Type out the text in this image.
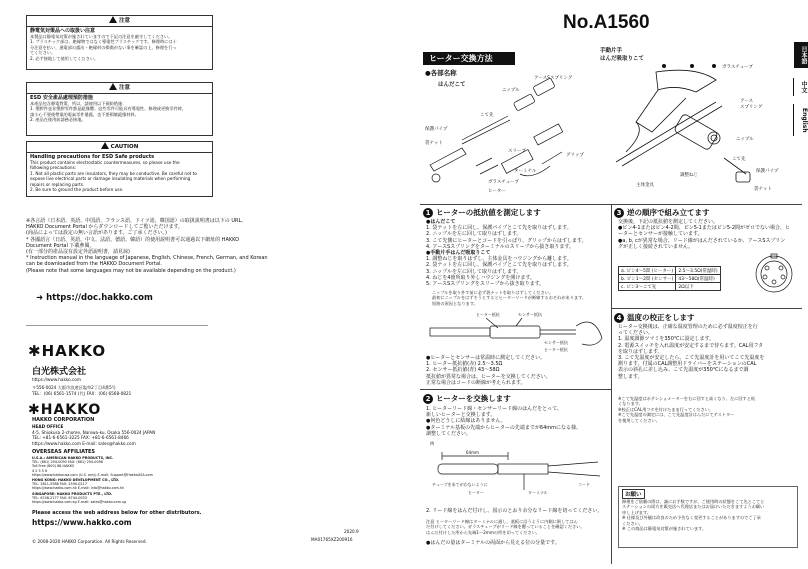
注意
静電気対策品への取扱い注意
本製品は静電気対策が施されていますので下記の注意を厳守してください。
1. プラスチック部は、絶縁物ではなく導電性プラスチックです。修理時には十
分注意を払い、通電部の露出・絶縁材の損傷がない事を確認の上、修理を行っ
てください。
2. 必ず接地して使用してください。
注意
ESD 安全產品處理預防措施
本產品包含靜電對策，所以，請使用以下預防措施：
1. 塑膠件並非塑膠零件都是絕緣體；這些零件可能具有導電性。修理或更換零件時，
請小心不要使帶電的電氣零件暴露，也不要損壞絕緣材料。
2. 產品在使用前請務必接地。
CAUTION
Handling precautions for ESD Safe products
This product contains electrostatic countermeasures, so please use the
following precautions:
1. Not all plastic parts are insulators, they may be conductive. Be careful not to
expose live electrical parts or damage insulating materials when performing
repairs or replacing parts.
2. Be sure to ground the product before use.
※各言語（日本語、英語、中国語、フランス語、ドイツ語、韓国語）の取扱説明書は以下の URL、
HAKKO Document Portal からダウンロードしてご覧いただけます。
(商品によっては設定の無い言語があります。ご了承ください。)
* 各國語言（日語、英語、中文、法語、德語、韓語）的使用説明書可以通過以下網址的 HAKKO
Document Portal 下載參閱。
(有一部分的產品沒有設定外語說明書，請見諒)
* Instruction manual in the language of Japanese, English, Chinese, French, German, and Korean
can be downloaded from the HAKKO Document Portal.
(Please note that some languages may not be available depending on the product.)
➜ https://doc.hakko.com
✱HAKKO
白光株式会社
https://www.hakko.com
〒556-0024 大阪市浪速区塩草2丁目4番5号
TEL：(06) 6561-1574 (代) FAX：(06) 6568-0821
✱HAKKO
HAKKO CORPORATION
HEAD OFFICE
4-5, Shiokusa 2-chome, Naniwa-ku, Osaka 556-0024 JAPAN
TEL: +81-6-6561-3225 FAX: +81-6-6561-8466
https://www.hakko.com E-mail: sales@hakko.com
OVERSEAS AFFILIATES
U.S.A.: AMERICAN HAKKO PRODUCTS, INC.
TEL: (661) 294-0090 FAX: (661) 294-0096
Toll Free (800) 88-HAKKO
4 2 5 5 6
https://www.hakkousa.com (U.S. only) E-mail: Support@HakkoUSA.com
HONG KONG: HAKKO DEVELOPMENT CO., LTD.
TEL: 2811-5588 FAX: 2590-0217
https://www.hakko.com.hk E-mail: info@hakko.com.hk
SINGAPORE: HAKKO PRODUCTS PTE., LTD.
TEL: 6748-2277 FAX: 6744-0033
https://www.hakko.com.sg E-mail: sales@hakko.com.sg
Please access the web address below for other distributors.
https://www.hakko.com
© 2008-2020 HAKKO Corporation. All Rights Reserved.
2020.9
MA01765XZ200916
No.A1560
日本語
中文
English
ヒーター交換方法
●各部名称
はんだこて
手動片手
はんだ吸取りこて
アースSスプリング
ニップル
こて先
保護パイプ
袋ナット
スリーブ
グリップ
ターミナル
ガラスチューブ
ヒーター
ガラスチューブ
アース
スプリング
ニップル
こて先
保護パイプ
袋ナット
主体金具
調整ねじ
1 ヒーターの抵抗値を測定します
●はんだこて
1. 袋ナットを左に回し、保護パイプとこて先を取りはずします。
2. ニップルを左に回して取りはずします。
3. こて先側にヒーターとコードを引っぱり、グリップからはずします。
4. アースSスプリングをターミナルのスリーブから抜き取ります。
●手動片手はんだ吸取りこて
1. 調整ねじを取りはずし、主体金具をハウジングから離します。
2. 袋ナットを左に回し、保護パイプとこて先を取りはずします。
3. ニップルを左に回して取りはずします。
4. ねじを4箇所取り外しハウジングを開けます。
5. アースSスプリングをスリーブから抜き取ります。
ニップルを取り外す前に必ず袋ナットを取りはずしてください。
最初にニップルをはずそうとするとヒーターリードが断線するおそれがあります。
短絡の原因となります。
ヒーター抵抗	センサー抵抗
センサー抵抗
ヒーター抵抗
●ヒーターとセンサーは常温時に測定してください。
1. ヒーター抵抗値(赤) 2.5〜3.5Ω
2. センサー抵抗値(青) 43〜58Ω
抵抗値が異常な場合は、ヒーターを交換してください。
正常な場合はコードの断線が考えられます。
2 ヒーターを交換します
1. ヒーターリード線・センサーリード線のはんだをとって、
新しいヒーターと交換します。
●何色どうしに結線はありません。
●ターミナル基板の先端からヒーターの先端までが64mmになる様、
調整してください。
例
64mm
チューブをあてがわないように
ヒーター	ターミナル
コード
2. リード線をはんだ付けし、図示のとおり余分なリード線を切ってください。
注意 ヒーターリード線はターミナルに通し、基板に沿うように内側に倒してはん
だ付けしてください。ガラスチューブがリード線を覆っていることを確認ください。
はんだ付けした所から先端1〜2mmの所を切ってください。
●はんだの量はターミナルの両面から見える位の分量です。
3 逆の順序で組み立てます
交換後、下記の抵抗値を測定してください。
●ピン4-1またはピン4-2間、ピン5-1またはピン5-2間がゼロでない場合、ヒ
ーターとセンサーが接触しています。
●a, b, cが異常な場合、リード線がはんだされているか、アースSスプリン
グが正しく接続されていません。
a. ピン4〜5間 (ヒーター)	2.5〜3.5Ω(常温時)
b. ピン1〜2間 (センサー)	43〜58Ω(常温時)
c. ピン3〜こて先	2Ω以下
4 温度の校正をします
ヒーター交換後は、正確な温度管理のために必ず温度校正を行
ってください。
1. 温度調節ツマミを350℃に設定します。
2. 電源スイッチを入れ温度が安定するまで待ちます。CAL用フタ
を取りはずします。
3. こて先温度が安定したら、こて先温度計を用いてこて先温度を
測ります。付属のCAL調整用ドライバーをステーションのCAL
表示の斜孔に差し込み、こて先温度が350℃になるまで調
整します。
※こて先温度はポテンショメーターを右に回すと高くなり、左に回すと低
くなります。
※校正はCAL用フタを付けたまま行ってください。
※こて先温度の測定には、こて先温度計はんだにてテストター
を使用してください。
お願い
修理をご依頼の際は、誠にお手数ですが、ご使用時の状態をこて先とこてと
ステーションの両方を販売店へ代理店またはお届けいただきますようお願い
申し上げます。
※ 仕様及び外観は改良のため予告なく変更することがありますのでご了承
ください。
※ この商品は静電気対策が施されています。
